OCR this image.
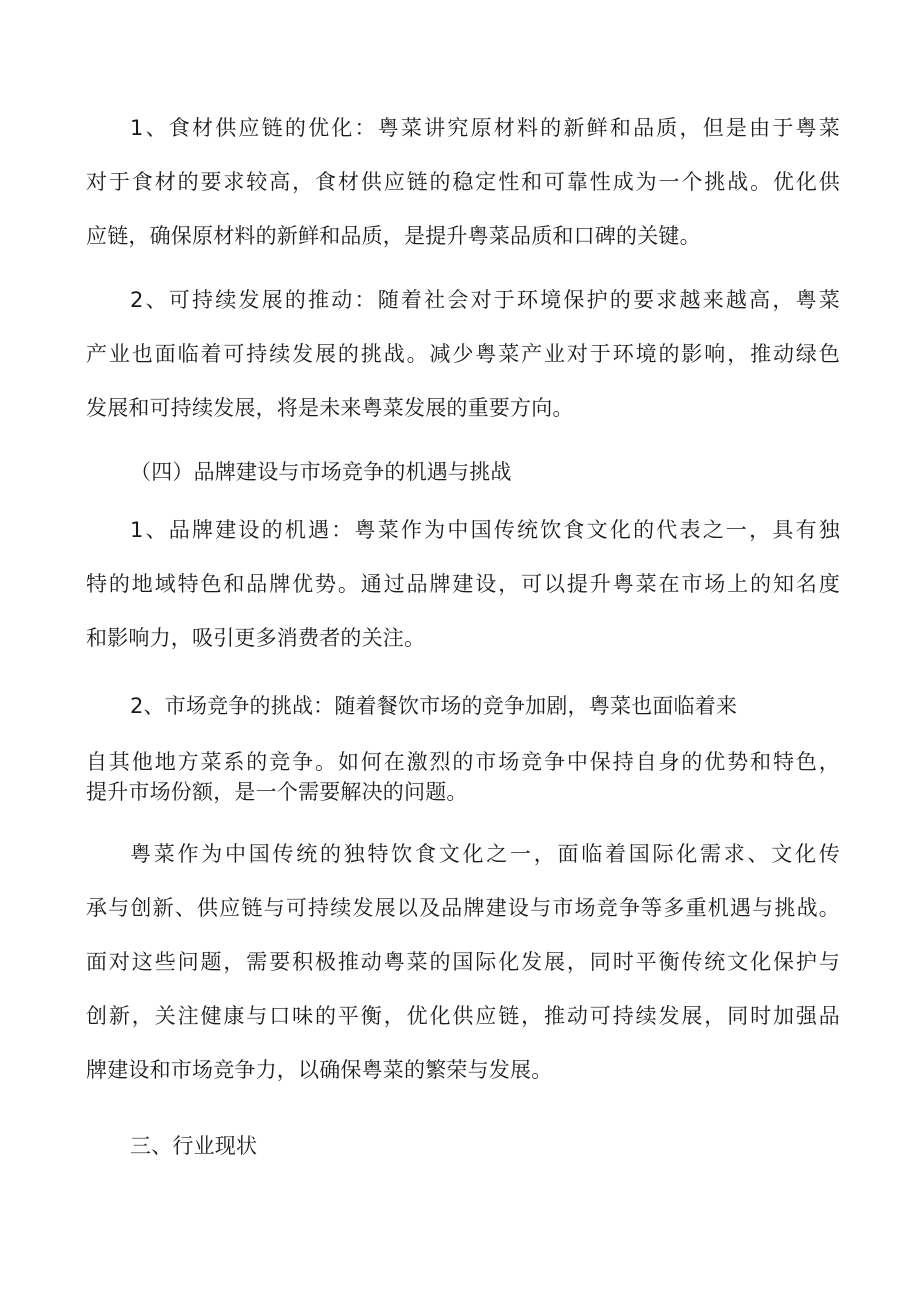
1、食材供应链的优化：粤菜讲究原材料的新鲜和品质，但是由于粤菜
对于食材的要求较高，食材供应链的稳定性和可靠性成为一个挑战。优化供
应链，确保原材料的新鲜和品质，是提升粤菜品质和口碑的关键。
2、可持续发展的推动：随着社会对于环境保护的要求越来越高，粤菜
产业也面临着可持续发展的挑战。减少粤菜产业对于环境的影响，推动绿色
发展和可持续发展，将是未来粤菜发展的重要方向。
（四）品牌建设与市场竞争的机遇与挑战
1、品牌建设的机遇：粤菜作为中国传统饮食文化的代表之一，具有独
特的地域特色和品牌优势。通过品牌建设，可以提升粤菜在市场上的知名度
和影响力，吸引更多消费者的关注。
2、市场竞争的挑战：随着餐饮市场的竞争加剧，粤菜也面临着来
自其他地方菜系的竞争。如何在激烈的市场竞争中保持自身的优势和特色，
提升市场份额，是一个需要解决的问题。
粤菜作为中国传统的独特饮食文化之一，面临着国际化需求、文化传
承与创新、供应链与可持续发展以及品牌建设与市场竞争等多重机遇与挑战。
面对这些问题，需要积极推动粤菜的国际化发展，同时平衡传统文化保护与
创新，关注健康与口味的平衡，优化供应链，推动可持续发展，同时加强品
牌建设和市场竞争力，以确保粤菜的繁荣与发展。
三、行业现状
